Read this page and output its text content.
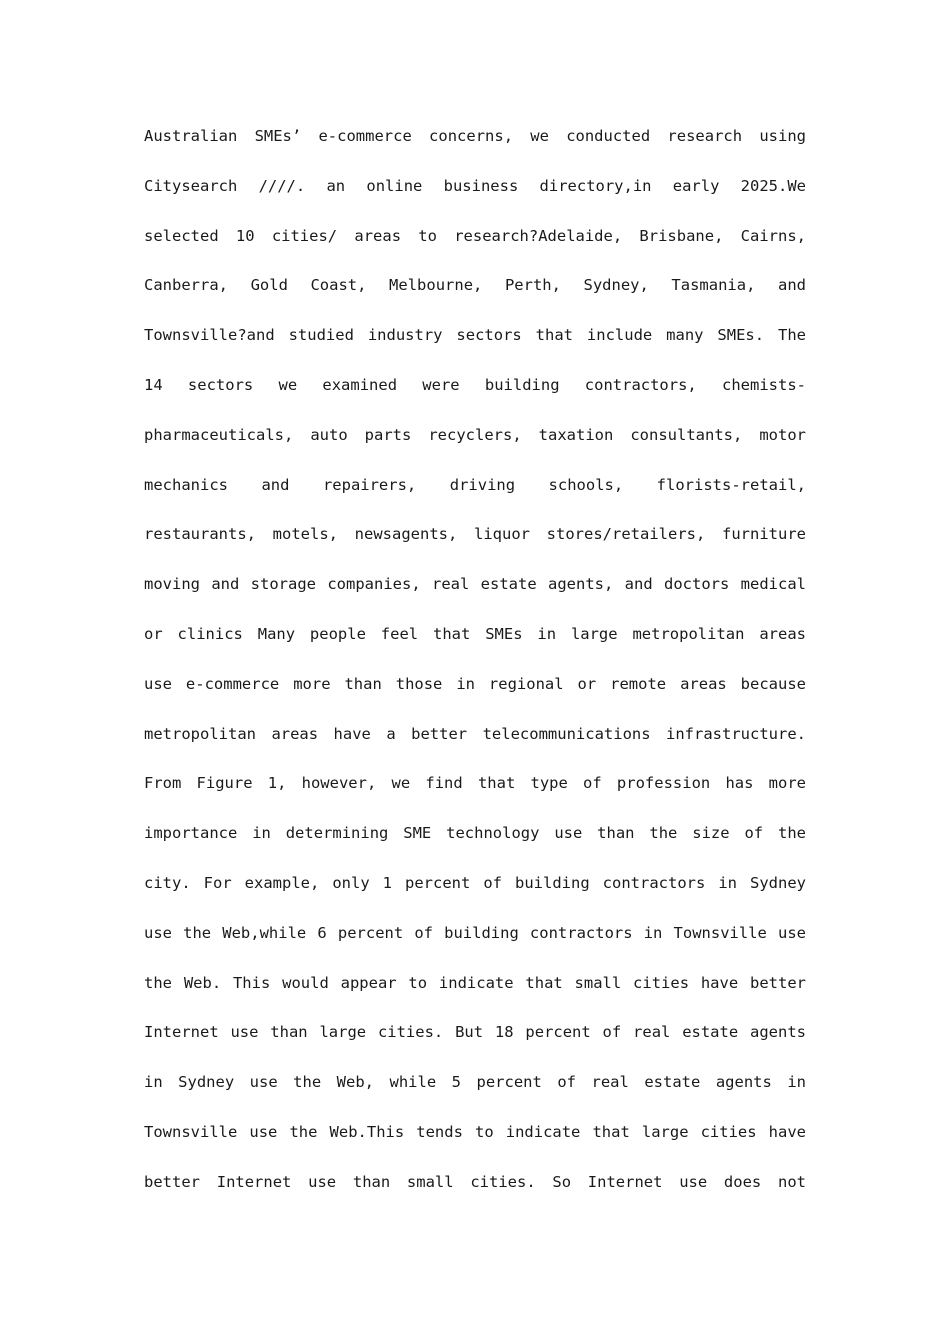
Australian SMEs’ e-commerce concerns, we conducted research using
Citysearch ////. an online business directory,in early 2025.We
selected 10 cities/ areas to research?Adelaide, Brisbane, Cairns,
Canberra, Gold Coast, Melbourne, Perth, Sydney, Tasmania, and
Townsville?and studied industry sectors that include many SMEs. The
14 sectors we examined were building contractors, chemists-
pharmaceuticals, auto parts recyclers, taxation consultants, motor
mechanics and repairers, driving schools, florists-retail,
restaurants, motels, newsagents, liquor stores/retailers, furniture
moving and storage companies, real estate agents, and doctors medical
or clinics Many people feel that SMEs in large metropolitan areas
use e-commerce more than those in regional or remote areas because
metropolitan areas have a better telecommunications infrastructure.
From Figure 1, however, we find that type of profession has more
importance in determining SME technology use than the size of the
city. For example, only 1 percent of building contractors in Sydney
use the Web,while 6 percent of building contractors in Townsville use
the Web. This would appear to indicate that small cities have better
Internet use than large cities. But 18 percent of real estate agents
in Sydney use the Web, while 5 percent of real estate agents in
Townsville use the Web.This tends to indicate that large cities have
better Internet use than small cities. So Internet use does not
